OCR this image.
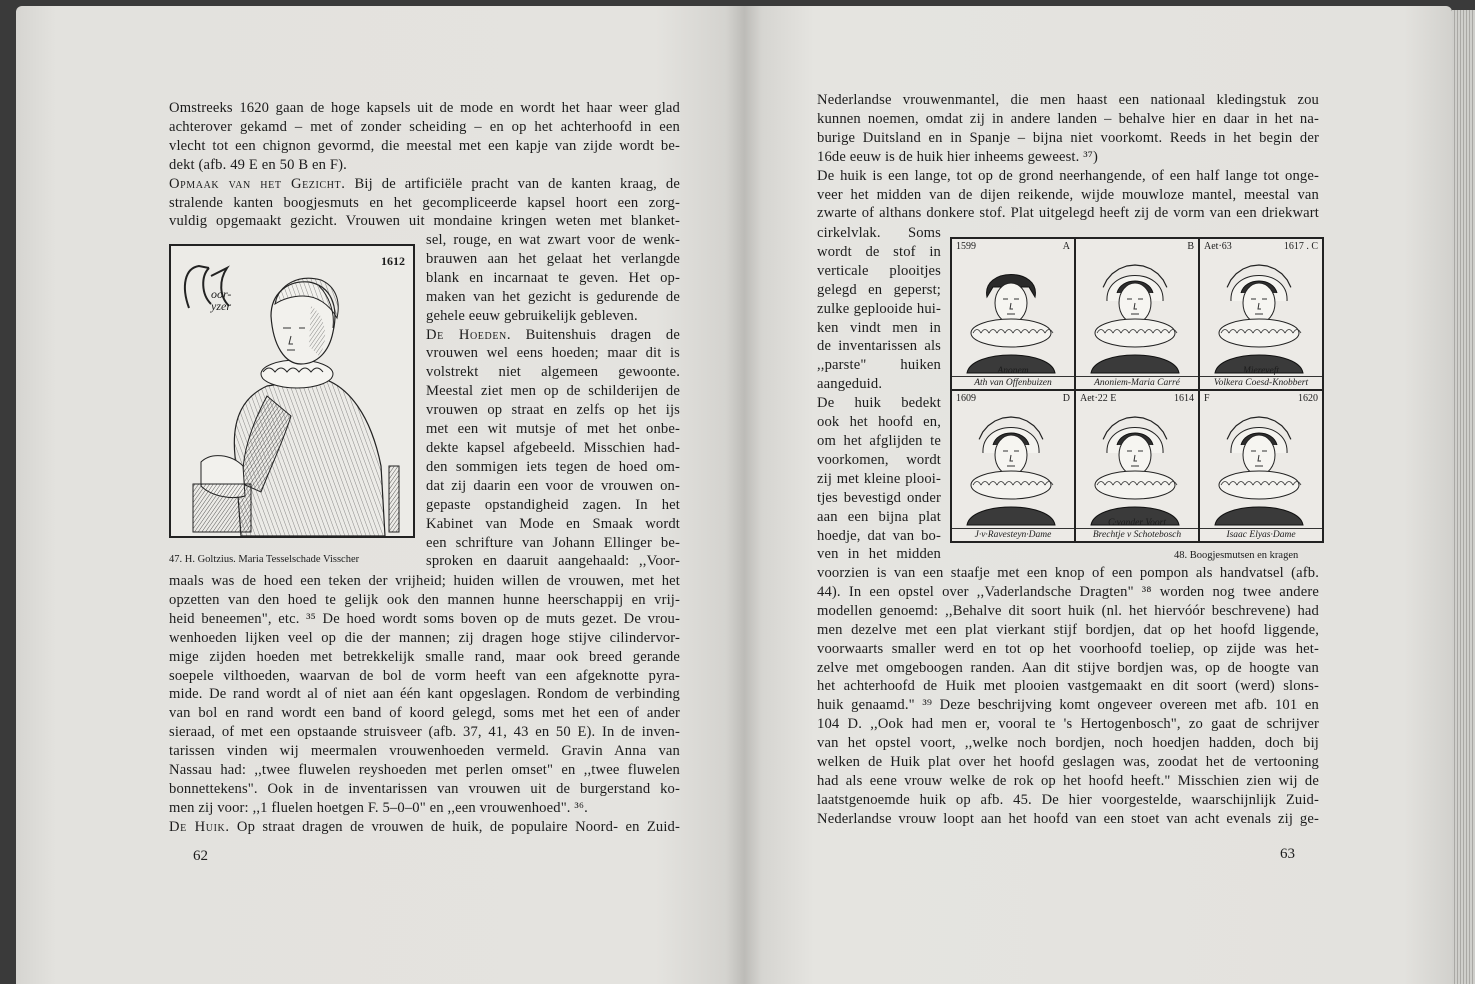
Omstreeks 1620 gaan de hoge kapsels uit de mode en wordt het haar weer glad
achterover gekamd – met of zonder scheiding – en op het achterhoofd in een
vlecht tot een chignon gevormd, die meestal met een kapje van zijde wordt be-
dekt (afb. 49 E en 50 B en F).
Opmaak van het Gezicht. Bij de artificiële pracht van de kanten kraag, de
stralende kanten boogjesmuts en het gecompliceerde kapsel hoort een zorg-
vuldig opgemaakt gezicht. Vrouwen uit mondaine kringen weten met blanket-
sel, rouge, en wat zwart voor de wenk-
brauwen aan het gelaat het verlangde
blank en incarnaat te geven. Het op-
maken van het gezicht is gedurende de
gehele eeuw gebruikelijk gebleven.
De Hoeden. Buitenshuis dragen de
vrouwen wel eens hoeden; maar dit is
volstrekt niet algemeen gewoonte.
Meestal ziet men op de schilderijen de
vrouwen op straat en zelfs op het ijs
met een wit mutsje of met het onbe-
dekte kapsel afgebeeld. Misschien had-
den sommigen iets tegen de hoed om-
dat zij daarin een voor de vrouwen on-
gepaste opstandigheid zagen. In het
Kabinet van Mode en Smaak wordt
een schrifture van Johann Ellinger be-
sproken en daaruit aangehaald: ,,Voor-
oor-
yzer
1612
47. H. Goltzius. Maria Tesselschade Visscher
maals was de hoed een teken der vrijheid; huiden willen de vrouwen, met het
opzetten van den hoed te gelijk ook den mannen hunne heerschappij en vrij-
heid beneemen", etc. ³⁵ De hoed wordt soms boven op de muts gezet. De vrou-
wenhoeden lijken veel op die der mannen; zij dragen hoge stijve cilindervor-
mige zijden hoeden met betrekkelijk smalle rand, maar ook breed gerande
soepele vilthoeden, waarvan de bol de vorm heeft van een afgeknotte pyra-
mide. De rand wordt al of niet aan één kant opgeslagen. Rondom de verbinding
van bol en rand wordt een band of koord gelegd, soms met het een of ander
sieraad, of met een opstaande struisveer (afb. 37, 41, 43 en 50 E). In de inven-
tarissen vinden wij meermalen vrouwenhoeden vermeld. Gravin Anna van
Nassau had: ,,twee fluwelen reyshoeden met perlen omset" en ,,twee fluwelen
bonnettekens". Ook in de inventarissen van vrouwen uit de burgerstand ko-
men zij voor: ,,1 fluelen hoetgen F. 5–0–0" en ,,een vrouwenhoed". ³⁶.
De Huik. Op straat dragen de vrouwen de huik, de populaire Noord- en Zuid-
62
Nederlandse vrouwenmantel, die men haast een nationaal kledingstuk zou
kunnen noemen, omdat zij in andere landen – behalve hier en daar in het na-
burige Duitsland en in Spanje – bijna niet voorkomt. Reeds in het begin der
16de eeuw is de huik hier inheems geweest. ³⁷)
De huik is een lange, tot op de grond neerhangende, of een half lange tot onge-
veer het midden van de dijen reikende, wijde mouwloze mantel, meestal van
zwarte of althans donkere stof. Plat uitgelegd heeft zij de vorm van een driekwart
cirkelvlak. Soms
wordt de stof in
verticale plooitjes
gelegd en geperst;
zulke geplooide hui-
ken vindt men in
de inventarissen als
,,parste" huiken
aangeduid.
De huik bedekt
ook het hoofd en,
om het afglijden te
voorkomen, wordt
zij met kleine plooi-
tjes bevestigd onder
aan een bijna plat
hoedje, dat van bo-
ven in het midden
1599	A
Anonem
Ath van Offenbuizen
B
Anoniem-Maria Carré
Aet·63	1617 . C
Miereveft
Volkera Coesd-Knobbert
1609	D
J·v·Ravesteyn·Dame
Aet·22 E	1614
C·vander Voort
Brechtje v Schotebosch
F	1620
Isaac Elyas·Dame
48. Boogjesmutsen en kragen
voorzien is van een staafje met een knop of een pompon als handvatsel (afb.
44). In een opstel over ,,Vaderlandsche Dragten" ³⁸ worden nog twee andere
modellen genoemd: ,,Behalve dit soort huik (nl. het hiervóór beschrevene) had
men dezelve met een plat vierkant stijf bordjen, dat op het hoofd liggende,
voorwaarts smaller werd en tot op het voorhoofd toeliep, op zijde was het-
zelve met omgeboogen randen. Aan dit stijve bordjen was, op de hoogte van
het achterhoofd de Huik met plooien vastgemaakt en dit soort (werd) slons-
huik genaamd." ³⁹ Deze beschrijving komt ongeveer overeen met afb. 101 en
104 D. ,,Ook had men er, vooral te 's Hertogenbosch", zo gaat de schrijver
van het opstel voort, ,,welke noch bordjen, noch hoedjen hadden, doch bij
welken de Huik plat over het hoofd geslagen was, zoodat het de vertooning
had als eene vrouw welke de rok op het hoofd heeft." Misschien zien wij de
laatstgenoemde huik op afb. 45. De hier voorgestelde, waarschijnlijk Zuid-
Nederlandse vrouw loopt aan het hoofd van een stoet van acht evenals zij ge-
63
